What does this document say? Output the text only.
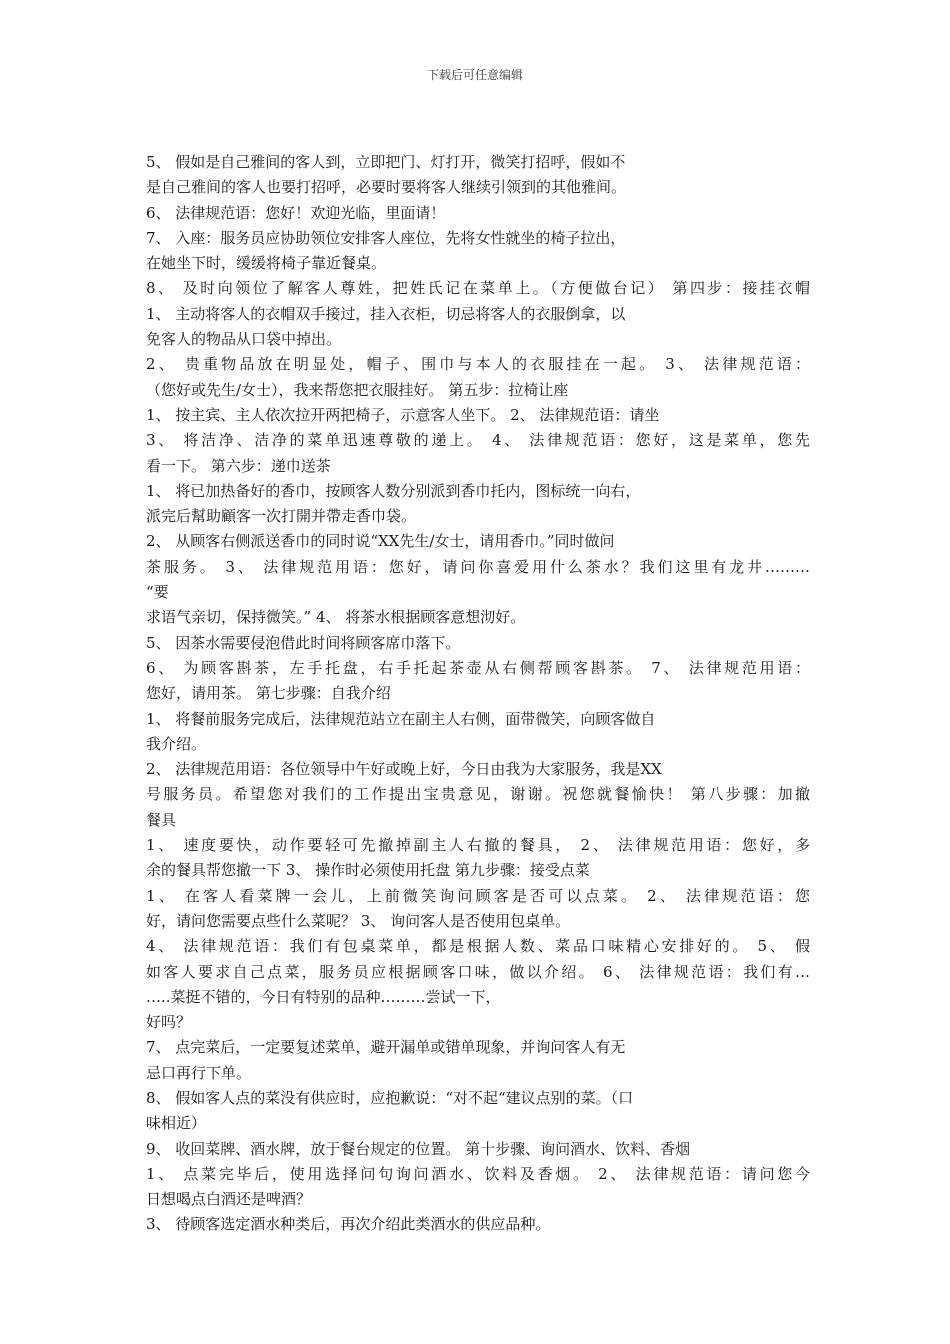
下载后可任意编辑
5、 假如是自己雅间的客人到，立即把门、灯打开，微笑打招呼，假如不
是自己雅间的客人也要打招呼，必要时要将客人继续引领到的其他雅间。
6、 法律规范语：您好！欢迎光临，里面请！
7、 入座：服务员应协助领位安排客人座位，先将女性就坐的椅子拉出，
在她坐下时，缓缓将椅子靠近餐桌。
8、 及时向领位了解客人尊姓，把姓氏记在菜单上。（方便做台记） 第四步：接挂衣帽
1、 主动将客人的衣帽双手接过，挂入衣柜，切忌将客人的衣服倒拿，以
免客人的物品从口袋中掉出。
2、 贵重物品放在明显处，帽子、围巾与本人的衣服挂在一起。 3、 法律规范语：
（您好或先生/女士），我来帮您把衣服挂好。 第五步：拉椅让座
1、 按主宾、主人依次拉开两把椅子，示意客人坐下。 2、 法律规范语：请坐
3、 将洁净、洁净的菜单迅速尊敬的递上。 4、 法律规范语：您好，这是菜单，您先
看一下。 第六步：递巾送茶
1、 将已加热备好的香巾，按顾客人数分别派到香巾托内，图标统一向右，
派完后幫助顧客一次打開并帶走香巾袋。
2、 从顾客右侧派送香巾的同时说“XX先生/女士，请用香巾。”同时做问
茶服务。 3、 法律规范用语：您好，请问你喜爱用什么茶水？我们这里有龙井………
“要
求语气亲切，保持微笑。” 4、 将茶水根据顾客意想沏好。
5、 因茶水需要侵泡借此时间将顾客席巾落下。
6、 为顾客斟茶，左手托盘，右手托起茶壶从右侧帮顾客斟茶。 7、 法律规范用语：
您好，请用茶。 第七步骤：自我介绍
1、 将餐前服务完成后，法律规范站立在副主人右侧，面带微笑，向顾客做自
我介绍。
2、 法律规范用语：各位领导中午好或晚上好，今日由我为大家服务，我是XX
号服务员。希望您对我们的工作提出宝贵意见，谢谢。祝您就餐愉快！ 第八步骤：加撤
餐具
1、 速度要快，动作要轻可先撤掉副主人右撤的餐具， 2、 法律规范用语：您好，多
余的餐具帮您撤一下 3、 操作时必须使用托盘 第九步骤：接受点菜
1、 在客人看菜牌一会儿，上前微笑询问顾客是否可以点菜。 2、 法律规范语：您
好，请问您需要点些什么菜呢？ 3、 询问客人是否使用包桌单。
4、 法律规范语：我们有包桌菜单，都是根据人数、菜品口味精心安排好的。 5、 假
如客人要求自己点菜，服务员应根据顾客口味，做以介绍。 6、 法律规范语：我们有…
…..菜挺不错的，今日有特别的品种………尝试一下，
好吗？
7、 点完菜后，一定要复述菜单，避开漏单或错单现象，并询问客人有无
忌口再行下单。
8、 假如客人点的菜没有供应时，应抱歉说：“对不起“建议点别的菜。（口
味相近）
9、 收回菜牌、酒水牌，放于餐台规定的位置。 第十步骤、询问酒水、饮料、香烟
1、 点菜完毕后，使用选择问句询问酒水、饮料及香烟。 2、 法律规范语：请问您今
日想喝点白酒还是啤酒？
3、 待顾客选定酒水种类后，再次介绍此类酒水的供应品种。
